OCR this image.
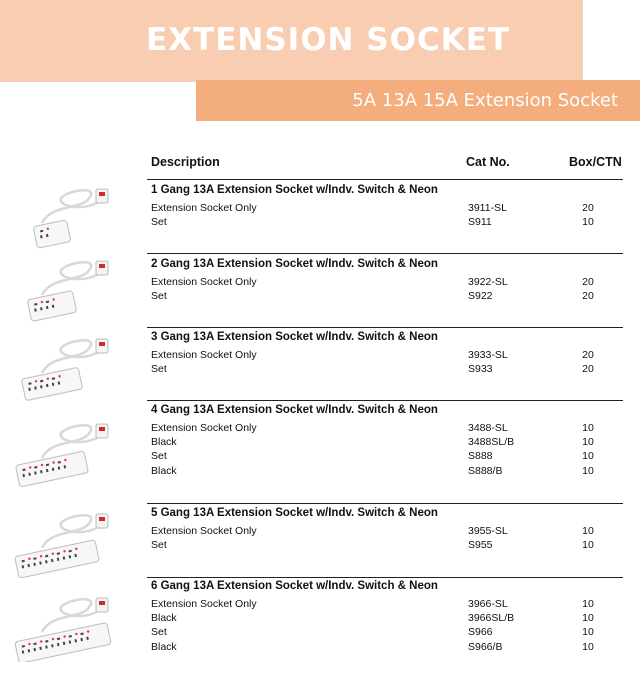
EXTENSION SOCKET
5A 13A 15A Extension Socket
Description	Cat No.	Box/CTN
1 Gang 13A Extension Socket w/Indv. Switch & Neon
Extension Socket Only	3911-SL	20
Set	S911	10
2 Gang 13A Extension Socket w/Indv. Switch & Neon
Extension Socket Only	3922-SL	20
Set	S922	20
3 Gang 13A Extension Socket w/Indv. Switch & Neon
Extension Socket Only	3933-SL	20
Set	S933	20
4 Gang 13A Extension Socket w/Indv. Switch & Neon
Extension Socket Only	3488-SL	10
Black	3488SL/B	10
Set	S888	10
Black	S888/B	10
5 Gang 13A Extension Socket w/Indv. Switch & Neon
Extension Socket Only	3955-SL	10
Set	S955	10
6 Gang 13A Extension Socket w/Indv. Switch & Neon
Extension Socket Only	3966-SL	10
Black	3966SL/B	10
Set	S966	10
Black	S966/B	10
